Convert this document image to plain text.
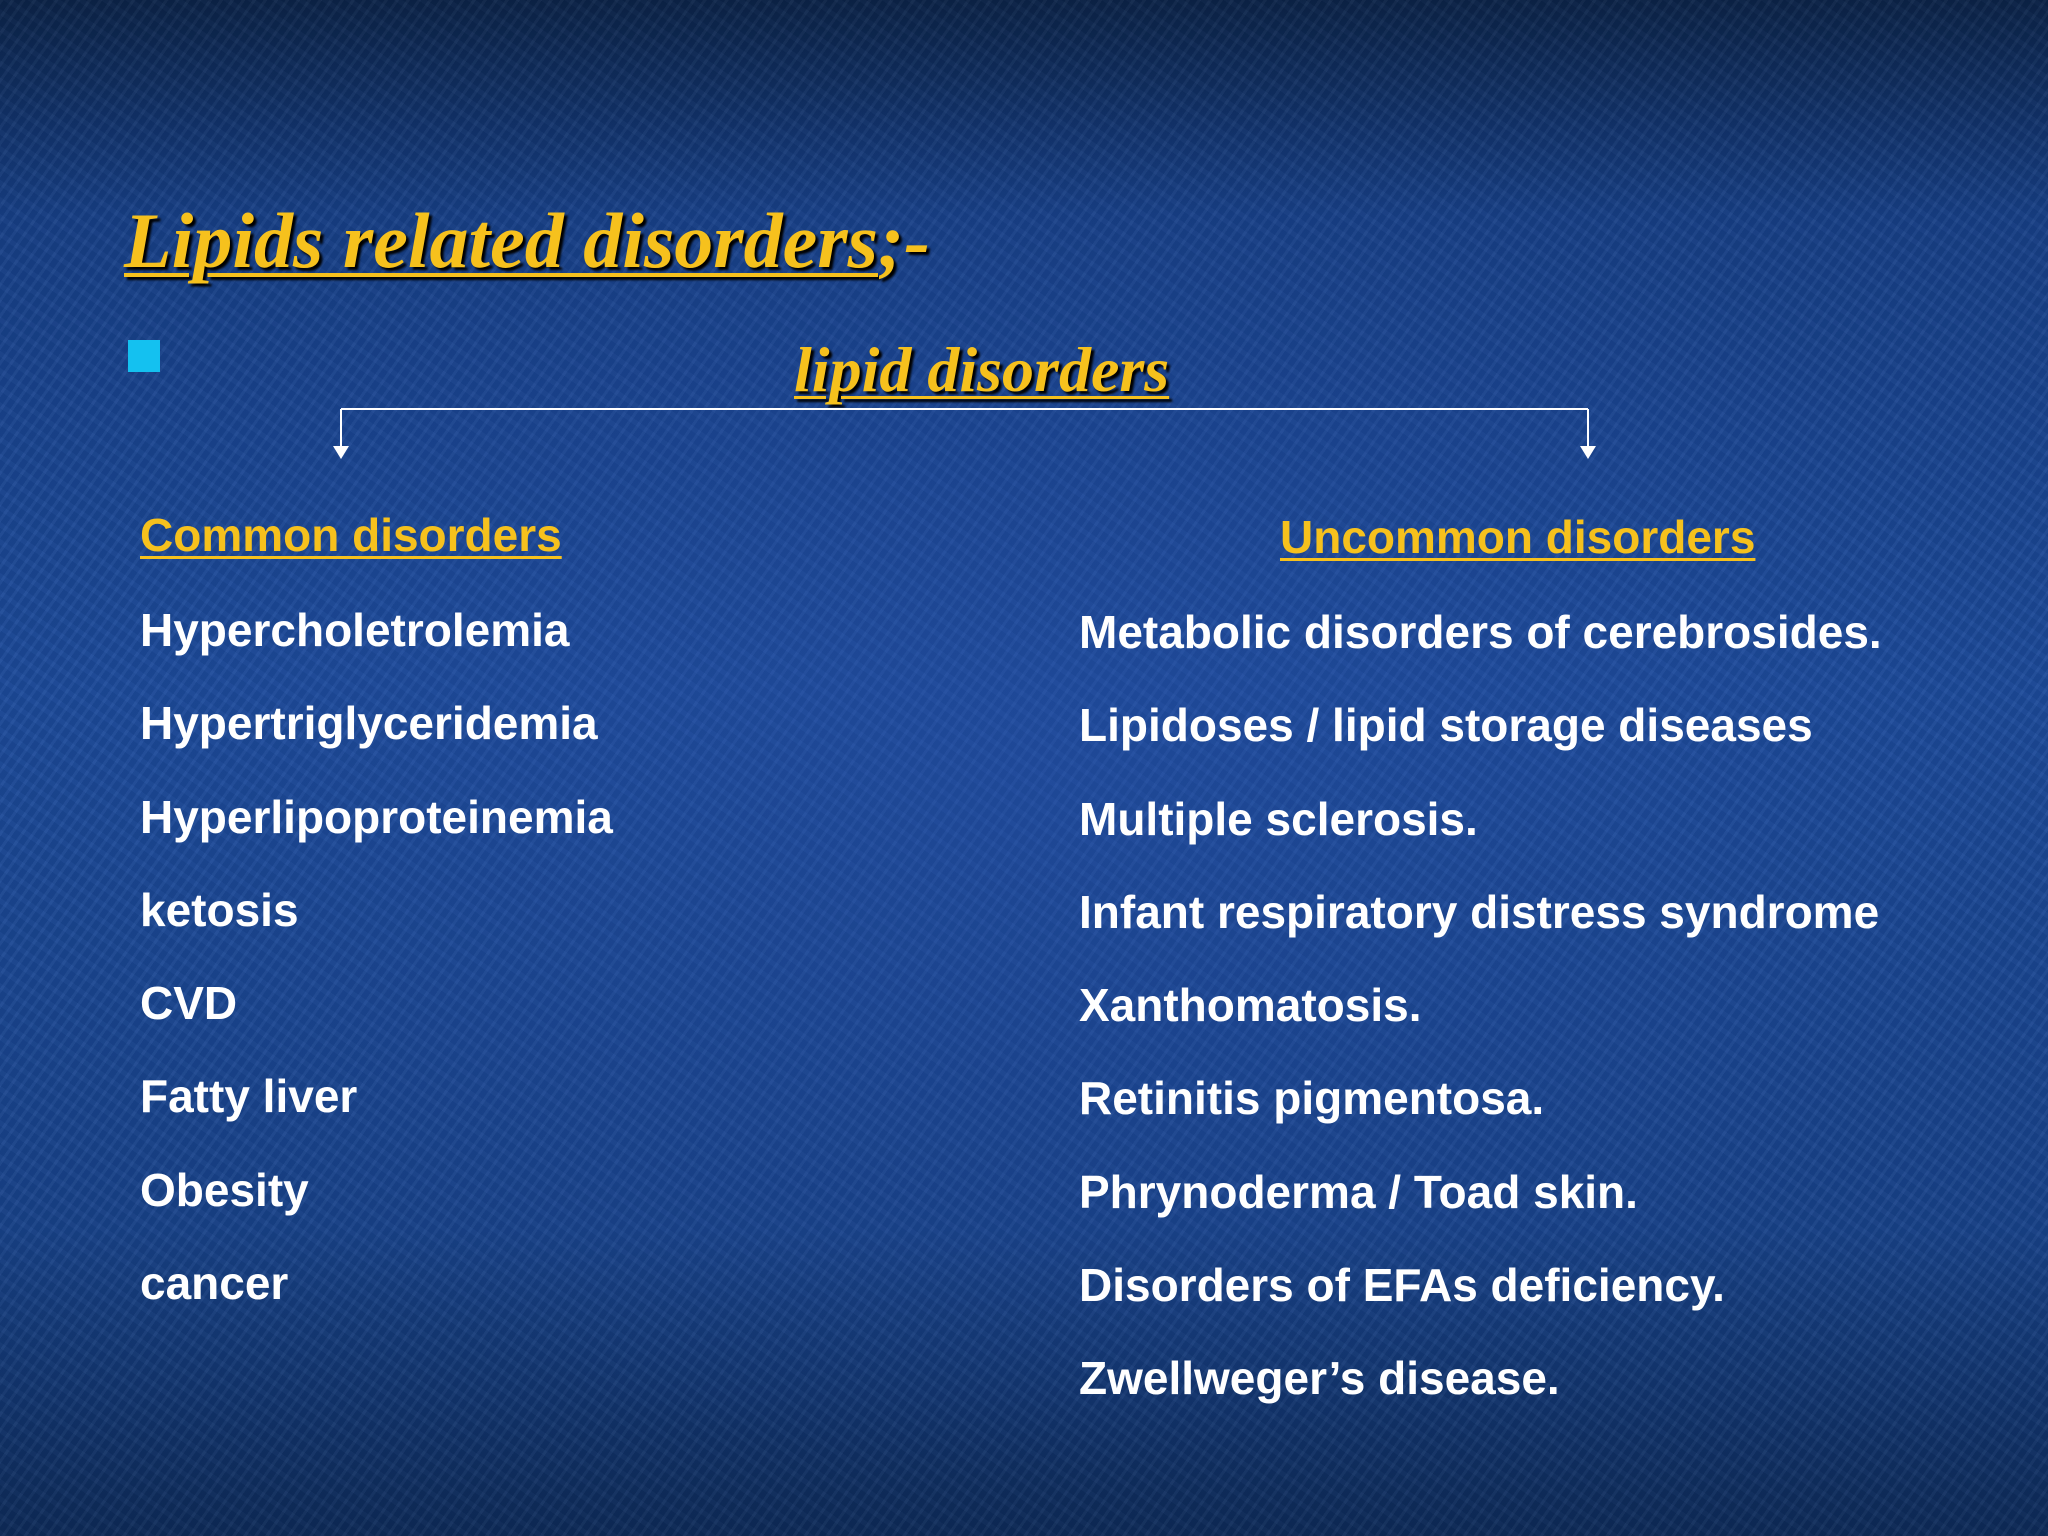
Lipids related disorders;-
lipid disorders
Common disorders
Hypercholetrolemia
Hypertriglyceridemia
Hyperlipoproteinemia
ketosis
CVD
Fatty liver
Obesity
cancer
Uncommon disorders
Metabolic disorders of cerebrosides.
Lipidoses / lipid storage diseases
Multiple sclerosis.
Infant respiratory distress syndrome
Xanthomatosis.
Retinitis pigmentosa.
Phrynoderma / Toad skin.
Disorders of EFAs deficiency.
Zwellweger’s disease.
